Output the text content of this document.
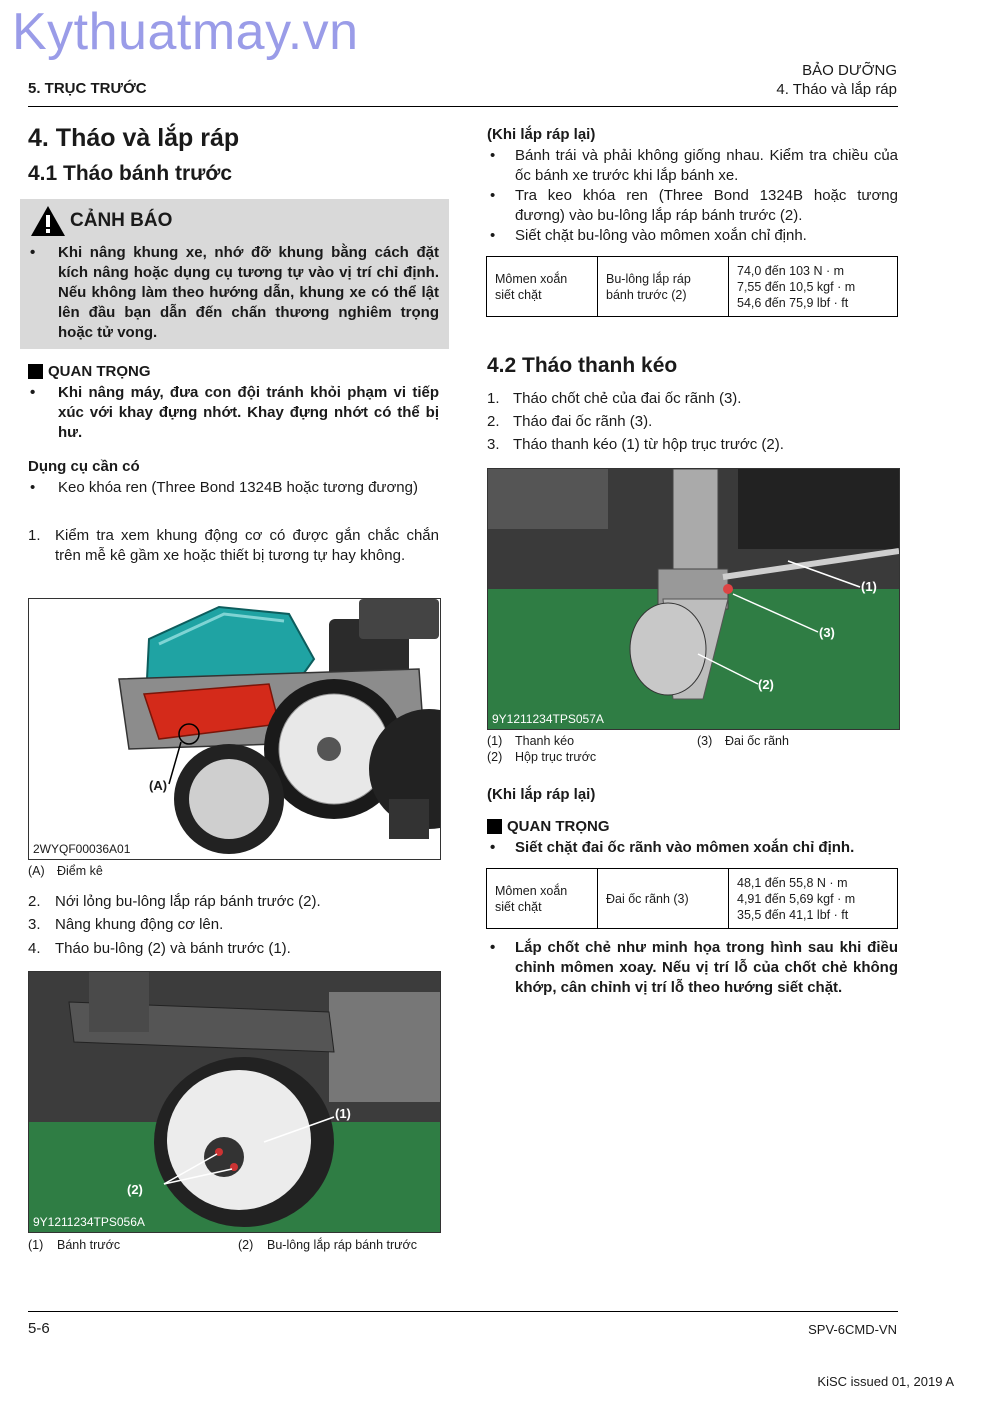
Kythuatmay.vn
5. TRỤC TRƯỚC
BẢO DƯỠNG
4. Tháo và lắp ráp
4. Tháo và lắp ráp
4.1 Tháo bánh trước
CẢNH BÁO
• Khi nâng khung xe, nhớ đỡ khung bằng cách đặt kích nâng hoặc dụng cụ tương tự vào vị trí chỉ định. Nếu không làm theo hướng dẫn, khung xe có thể lật lên đầu bạn dẫn đến chấn thương nghiêm trọng hoặc tử vong.
QUAN TRỌNG
• Khi nâng máy, đưa con đội tránh khỏi phạm vi tiếp xúc với khay đựng nhớt. Khay đựng nhớt có thể bị hư.
Dụng cụ cần có
• Keo khóa ren (Three Bond 1324B hoặc tương đương)
1. Kiểm tra xem khung động cơ có được gắn chắc chắn trên mễ kê gầm xe hoặc thiết bị tương tự hay không.
(A)
2WYQF00036A01
(A) Điểm kê
2. Nới lỏng bu-lông lắp ráp bánh trước (2).
3. Nâng khung động cơ lên.
4. Tháo bu-lông (2) và bánh trước (1).
(1)
(2)
9Y1211234TPS056A
(1) Bánh trước	(2) Bu-lông lắp ráp bánh trước
(Khi lắp ráp lại)
• Bánh trái và phải không giống nhau. Kiểm tra chiều của ốc bánh xe trước khi lắp bánh xe.
• Tra keo khóa ren (Three Bond 1324B hoặc tương đương) vào bu-lông lắp ráp bánh trước (2).
• Siết chặt bu-lông vào mômen xoắn chỉ định.
Mômen xoắn siết chặt	Bu-lông lắp ráp bánh trước (2)	
74,0 đến 103 N · m
7,55 đến 10,5 kgf · m
54,6 đến 75,9 lbf · ft
4.2 Tháo thanh kéo
1. Tháo chốt chẻ của đai ốc rãnh (3).
2. Tháo đai ốc rãnh (3).
3. Tháo thanh kéo (1) từ hộp trục trước (2).
(1)
(3)
(2)
9Y1211234TPS057A
(1) Thanh kéo	(3) Đai ốc rãnh
(2) Hộp trục trước
(Khi lắp ráp lại)
QUAN TRỌNG
• Siết chặt đai ốc rãnh vào mômen xoắn chỉ định.
Mômen xoắn siết chặt	Đai ốc rãnh (3)	
48,1 đến 55,8 N · m
4,91 đến 5,69 kgf · m
35,5 đến 41,1 lbf · ft
• Lắp chốt chẻ như minh họa trong hình sau khi điều chỉnh mômen xoay. Nếu vị trí lỗ của chốt chẻ không khớp, cân chỉnh vị trí lỗ theo hướng siết chặt.
5-6	SPV-6CMD-VN
KiSC issued 01, 2019 A
